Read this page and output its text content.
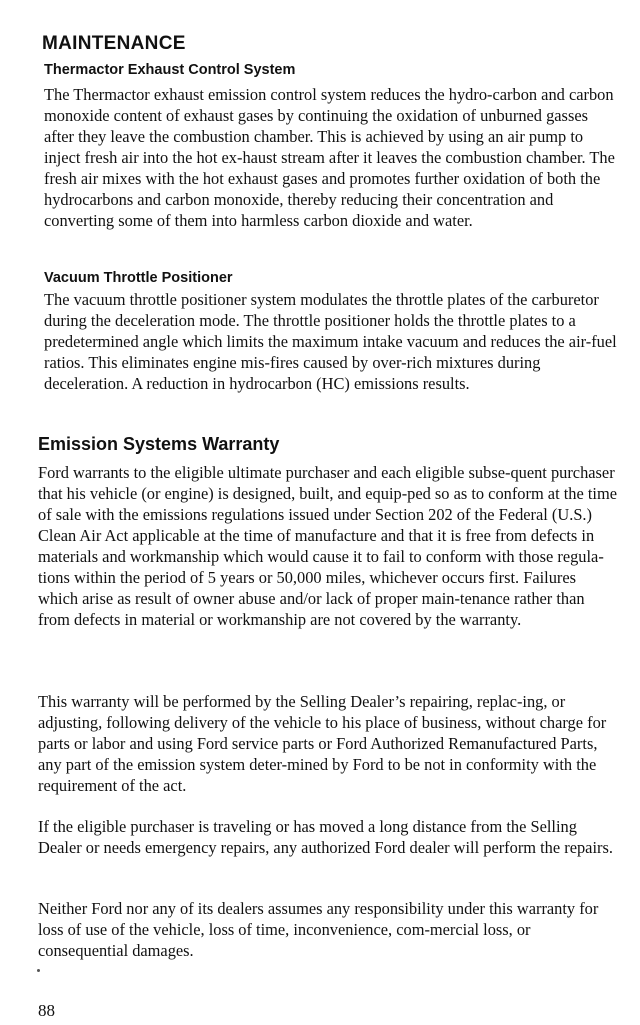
MAINTENANCE
Thermactor Exhaust Control System

The Thermactor exhaust emission control system reduces the hydro-carbon and carbon monoxide content of exhaust gases by continuing the oxidation of unburned gasses after they leave the combustion chamber. This is achieved by using an air pump to inject fresh air into the hot ex-haust stream after it leaves the combustion chamber. The fresh air mixes with the hot exhaust gases and promotes further oxidation of both the hydrocarbons and carbon monoxide, thereby reducing their concentration and converting some of them into harmless carbon dioxide and water.

Vacuum Throttle Positioner

The vacuum throttle positioner system modulates the throttle plates of the carburetor during the deceleration mode. The throttle positioner holds the throttle plates to a predetermined angle which limits the maximum intake vacuum and reduces the air-fuel ratios. This eliminates engine mis-fires caused by over-rich mixtures during deceleration. A reduction in hydrocarbon (HC) emissions results.

Emission Systems Warranty

Ford warrants to the eligible ultimate purchaser and each eligible subse-quent purchaser that his vehicle (or engine) is designed, built, and equip-ped so as to conform at the time of sale with the emissions regulations issued under Section 202 of the Federal (U.S.) Clean Air Act applicable at the time of manufacture and that it is free from defects in materials and workmanship which would cause it to fail to conform with those regula-tions within the period of 5 years or 50,000 miles, whichever occurs first. Failures which arise as result of owner abuse and/or lack of proper main-tenance rather than from defects in material or workmanship are not covered by the warranty.

This warranty will be performed by the Selling Dealer’s repairing, replac-ing, or adjusting, following delivery of the vehicle to his place of business, without charge for parts or labor and using Ford service parts or Ford Authorized Remanufactured Parts, any part of the emission system deter-mined by Ford to be not in conformity with the requirement of the act.

If the eligible purchaser is traveling or has moved a long distance from the Selling Dealer or needs emergency repairs, any authorized Ford dealer will perform the repairs.

Neither Ford nor any of its dealers assumes any responsibility under this warranty for loss of use of the vehicle, loss of time, inconvenience, com-mercial loss, or consequential damages.

88
